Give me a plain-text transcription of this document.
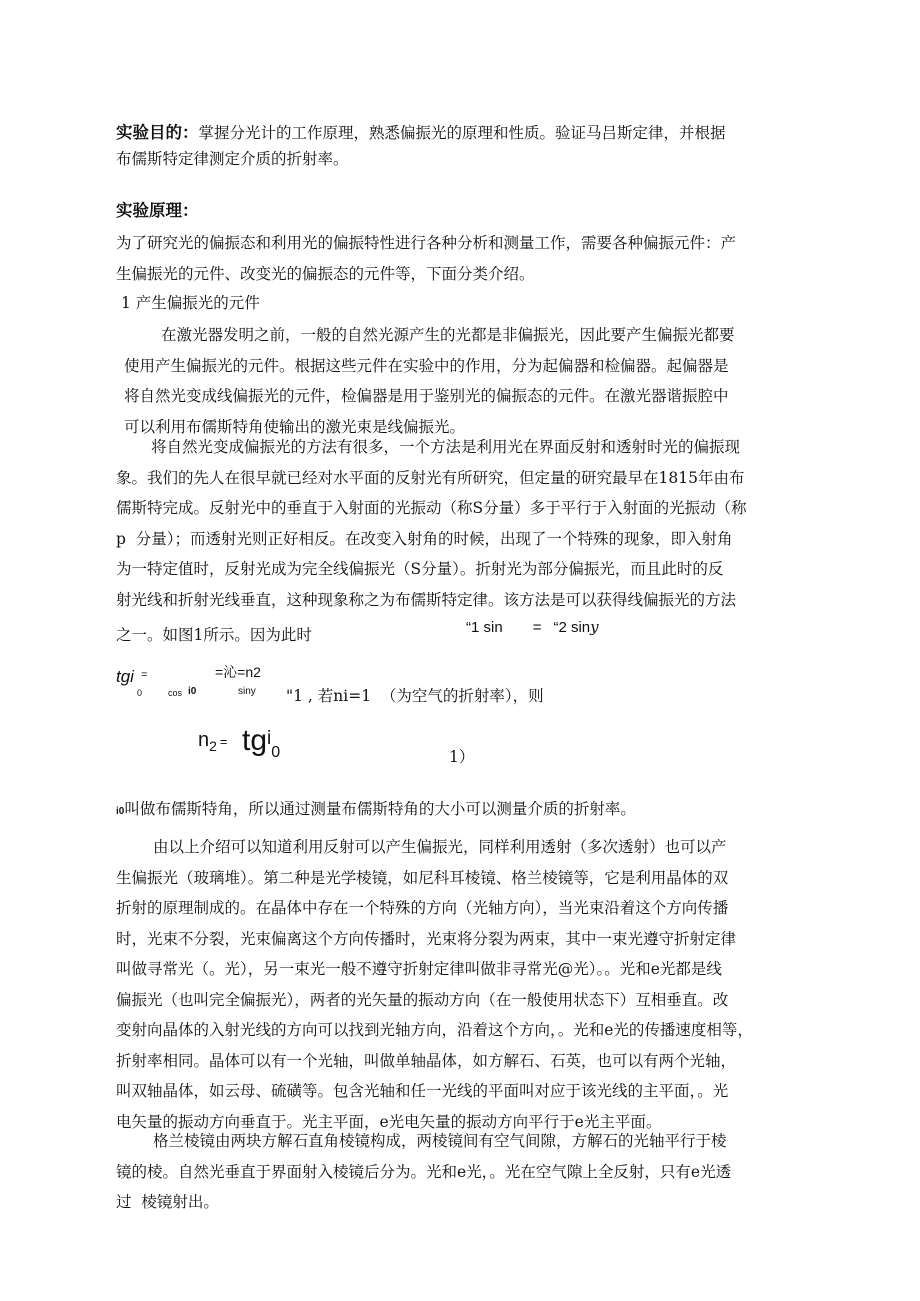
实验目的：掌握分光计的工作原理，熟悉偏振光的原理和性质。验证马吕斯定律，并根据
布儒斯特定律测定介质的折射率。
实验原理：
为了研究光的偏振态和利用光的偏振特性进行各种分析和测量工作，需要各种偏振元件：产
生偏振光的元件、改变光的偏振态的元件等，下面分类介绍。
1 产生偏振光的元件
在激光器发明之前，一般的自然光源产生的光都是非偏振光，因此要产生偏振光都要
使用产生偏振光的元件。根据这些元件在实验中的作用，分为起偏器和检偏器。起偏器是
将自然光变成线偏振光的元件，检偏器是用于鉴别光的偏振态的元件。在激光器谐振腔中
可以利用布儒斯特角使输出的激光束是线偏振光。
将自然光变成偏振光的方法有很多，一个方法是利用光在界面反射和透射时光的偏振现
象。我们的先人在很早就已经对水平面的反射光有所研究，但定量的研究最早在1815年由布
儒斯特完成。反射光中的垂直于入射面的光振动（称S分量）多于平行于入射面的光振动（称
p  分量）；而透射光则正好相反。在改变入射角的时候，出现了一个特殊的现象，即入射角
为一特定值时，反射光成为完全线偏振光（S分量）。折射光为部分偏振光，而且此时的反
射光线和折射光线垂直，这种现象称之为布儒斯特定律。该方法是可以获得线偏振光的方法
之一。如图1所示。因为此时	“1 sin = “2 siny
tgi =	=沁=n2
0	cos i0	siny "1 , 若ni=1  （为空气的折射率），则
$n_2 = tg^i_0$	1）
i0叫做布儒斯特角，所以通过测量布儒斯特角的大小可以测量介质的折射率。
由以上介绍可以知道利用反射可以产生偏振光，同样利用透射（多次透射）也可以产
生偏振光（玻璃堆）。第二种是光学棱镜，如尼科耳棱镜、格兰棱镜等，它是利用晶体的双
折射的原理制成的。在晶体中存在一个特殊的方向（光轴方向），当光束沿着这个方向传播
时，光束不分裂，光束偏离这个方向传播时，光束将分裂为两束，其中一束光遵守折射定律
叫做寻常光（。光），另一束光一般不遵守折射定律叫做非寻常光@光）。。光和e光都是线
偏振光（也叫完全偏振光），两者的光矢量的振动方向（在一般使用状态下）互相垂直。改
变射向晶体的入射光线的方向可以找到光轴方向，沿着这个方向，。光和e光的传播速度相等，
折射率相同。晶体可以有一个光轴，叫做单轴晶体，如方解石、石英，也可以有两个光轴，
叫双轴晶体，如云母、硫磺等。包含光轴和任一光线的平面叫对应于该光线的主平面，。光
电矢量的振动方向垂直于。光主平面，e光电矢量的振动方向平行于e光主平面。
格兰棱镜由两块方解石直角棱镜构成，两棱镜间有空气间隙，方解石的光轴平行于棱
镜的棱。自然光垂直于界面射入棱镜后分为。光和e光，。光在空气隙上全反射，只有e光透
过  棱镜射出。
